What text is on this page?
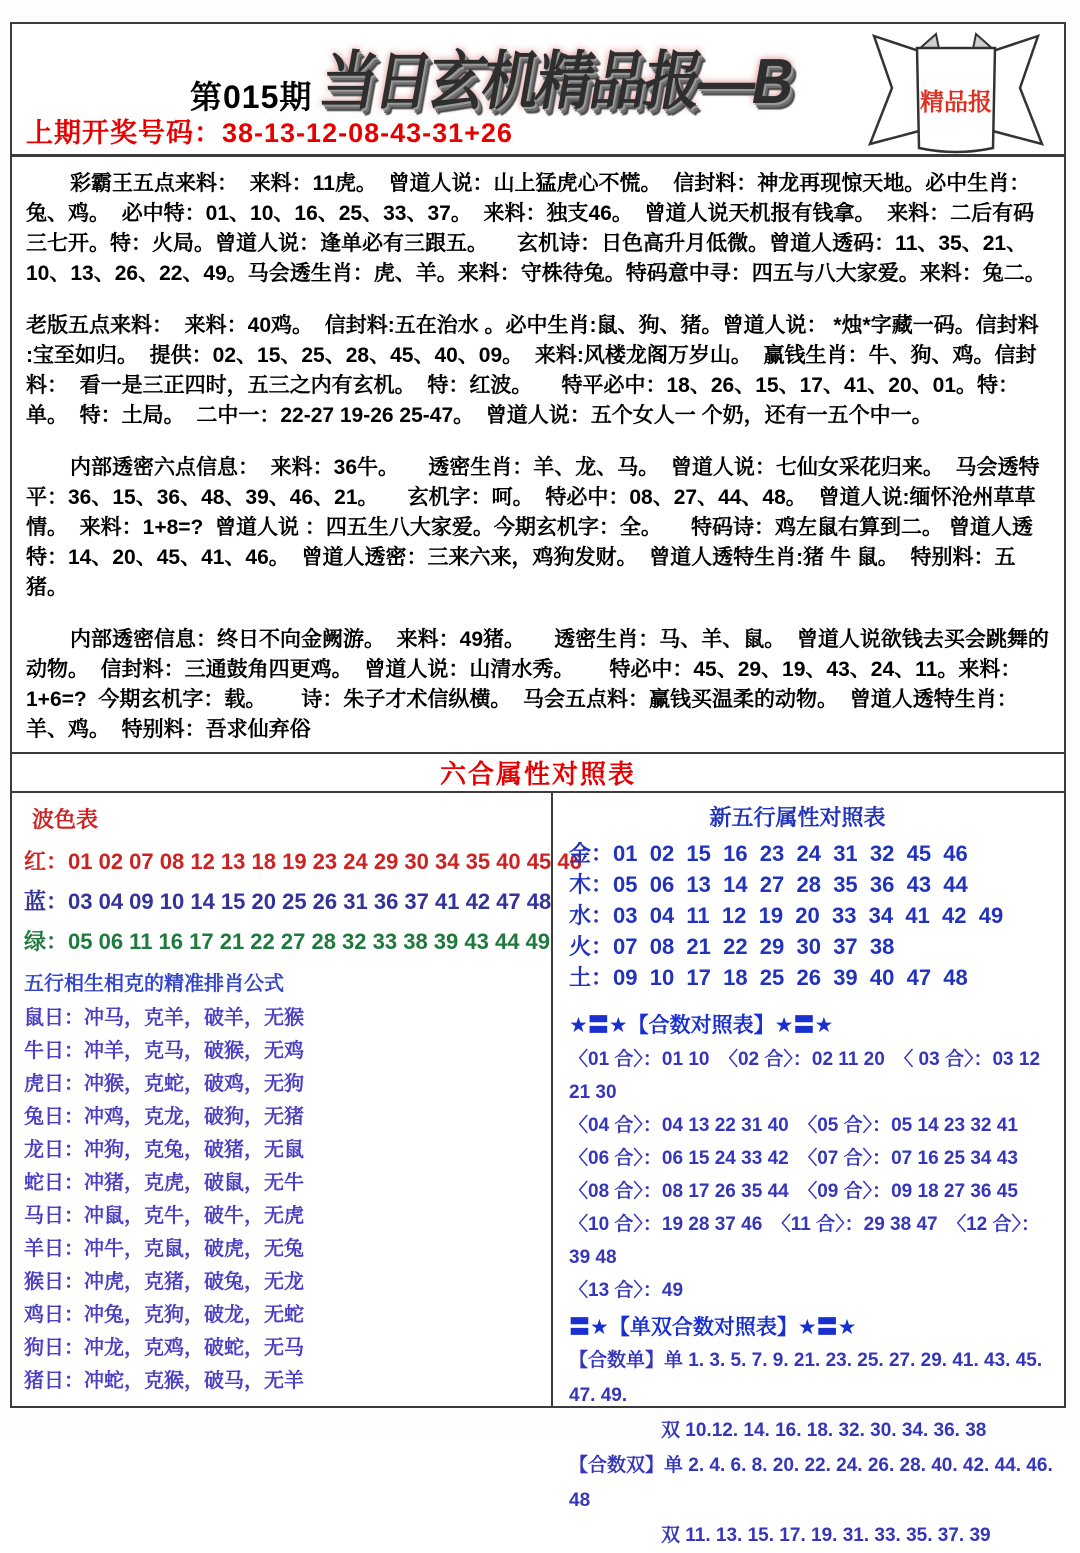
第015期 当日玄机精品报—B	精品报
上期开奖号码：38-13-12-08-43-31+26

彩霸王五点来料：  来料：11虎。  曾道人说：山上猛虎心不慌。  信封料：神龙再现惊天地。必中生肖：兔、鸡。  必中特：01、10、16、25、33、37。  来料：独支46。  曾道人说天机报有钱拿。  来料：二后有码三七开。特：火局。曾道人说：逢单必有三跟五。     玄机诗：日色高升月低微。曾道人透码：11、35、21、10、13、26、22、49。马会透生肖：虎、羊。来料：守株待兔。特码意中寻：四五与八大家爱。来料：兔二。

老版五点来料：  来料：40鸡。  信封料:五在治水 。必中生肖:鼠、狗、猪。曾道人说： *烛*字藏一码。信封料 :宝至如归。  提供：02、15、25、28、45、40、09。  来料:风楼龙阁万岁山。  赢钱生肖：牛、狗、鸡。信封料：  看一是三正四时，五三之内有玄机。  特：红波。     特平必中：18、26、15、17、41、20、01。特：单。  特：土局。  二中一：22-27 19-26 25-47。  曾道人说：五个女人一 个奶，还有一五个中一。

内部透密六点信息：  来料：36牛。     透密生肖：羊、龙、马。  曾道人说：七仙女采花归来。  马会透特平：36、15、36、48、39、46、21。     玄机字：呵。  特必中：08、27、44、48。  曾道人说:缅怀沧州草草情。  来料：1+8=?  曾道人说 ：四五生八大家爱。今期玄机字：全。     特码诗：鸡左鼠右算到二。 曾道人透特：14、20、45、41、46。  曾道人透密：三来六来，鸡狗发财。  曾道人透特生肖:猪 牛 鼠。  特别料：五猪。

内部透密信息：终日不向金阙游。  来料：49猪。     透密生肖：马、羊、鼠。  曾道人说欲钱去买会跳舞的动物。  信封料：三通鼓角四更鸡。  曾道人说：山清水秀。      特必中：45、29、19、43、24、11。来料：1+6=?  今期玄机字：载。      诗：朱子才术信纵横。  马会五点料：赢钱买温柔的动物。  曾道人透特生肖：羊、鸡。  特别料：吾求仙弃俗

六合属性对照表
波色表
红：01 02 07 08 12 13 18 19 23 24 29 30 34 35 40 45 46
蓝：03 04 09 10 14 15 20 25 26 31 36 37 41 42 47 48
绿：05 06 11 16 17 21 22 27 28 32 33 38 39 43 44 49
五行相生相克的精准排肖公式
鼠日：冲马，克羊，破羊，无猴
牛日：冲羊，克马，破猴，无鸡
虎日：冲猴，克蛇，破鸡，无狗
兔日：冲鸡，克龙，破狗，无猪
龙日：冲狗，克兔，破猪，无鼠
蛇日：冲猪，克虎，破鼠，无牛
马日：冲鼠，克牛，破牛，无虎
羊日：冲牛，克鼠，破虎，无兔
猴日：冲虎，克猪，破兔，无龙
鸡日：冲兔，克狗，破龙，无蛇
狗日：冲龙，克鸡，破蛇，无马
猪日：冲蛇，克猴，破马，无羊
新五行属性对照表
金：01  02  15  16  23  24  31  32  45  46
木：05  06  13  14  27  28  35  36  43  44
水：03  04  11  12  19  20  33  34  41  42  49
火：07  08  21  22  29  30  37  38
土：09  10  17  18  25  26  39  40  47  48
★〓★【合数对照表】★〓★
〈01 合〉：01 10　〈02 合〉：02 11 20　〈 03 合〉：03 12 21 30
〈04 合〉：04 13 22 31 40　〈05 合〉：05 14 23 32 41
〈06 合〉：06 15 24 33 42　〈07 合〉：07 16 25 34 43
〈08 合〉：08 17 26 35 44　〈09 合〉：09 18 27 36 45
〈10 合〉：19 28 37 46　〈11 合〉：29 38 47　〈12 合〉：39 48
〈13 合〉：49
〓★【单双合数对照表】★〓★
【合数单】单 1. 3. 5. 7. 9. 21. 23. 25. 27. 29. 41. 43. 45. 47. 49.
双 10.12. 14. 16. 18. 32. 30. 34. 36. 38
【合数双】单 2. 4. 6. 8. 20. 22. 24. 26. 28. 40. 42. 44. 46. 48
双 11. 13. 15. 17. 19. 31. 33. 35. 37. 39
